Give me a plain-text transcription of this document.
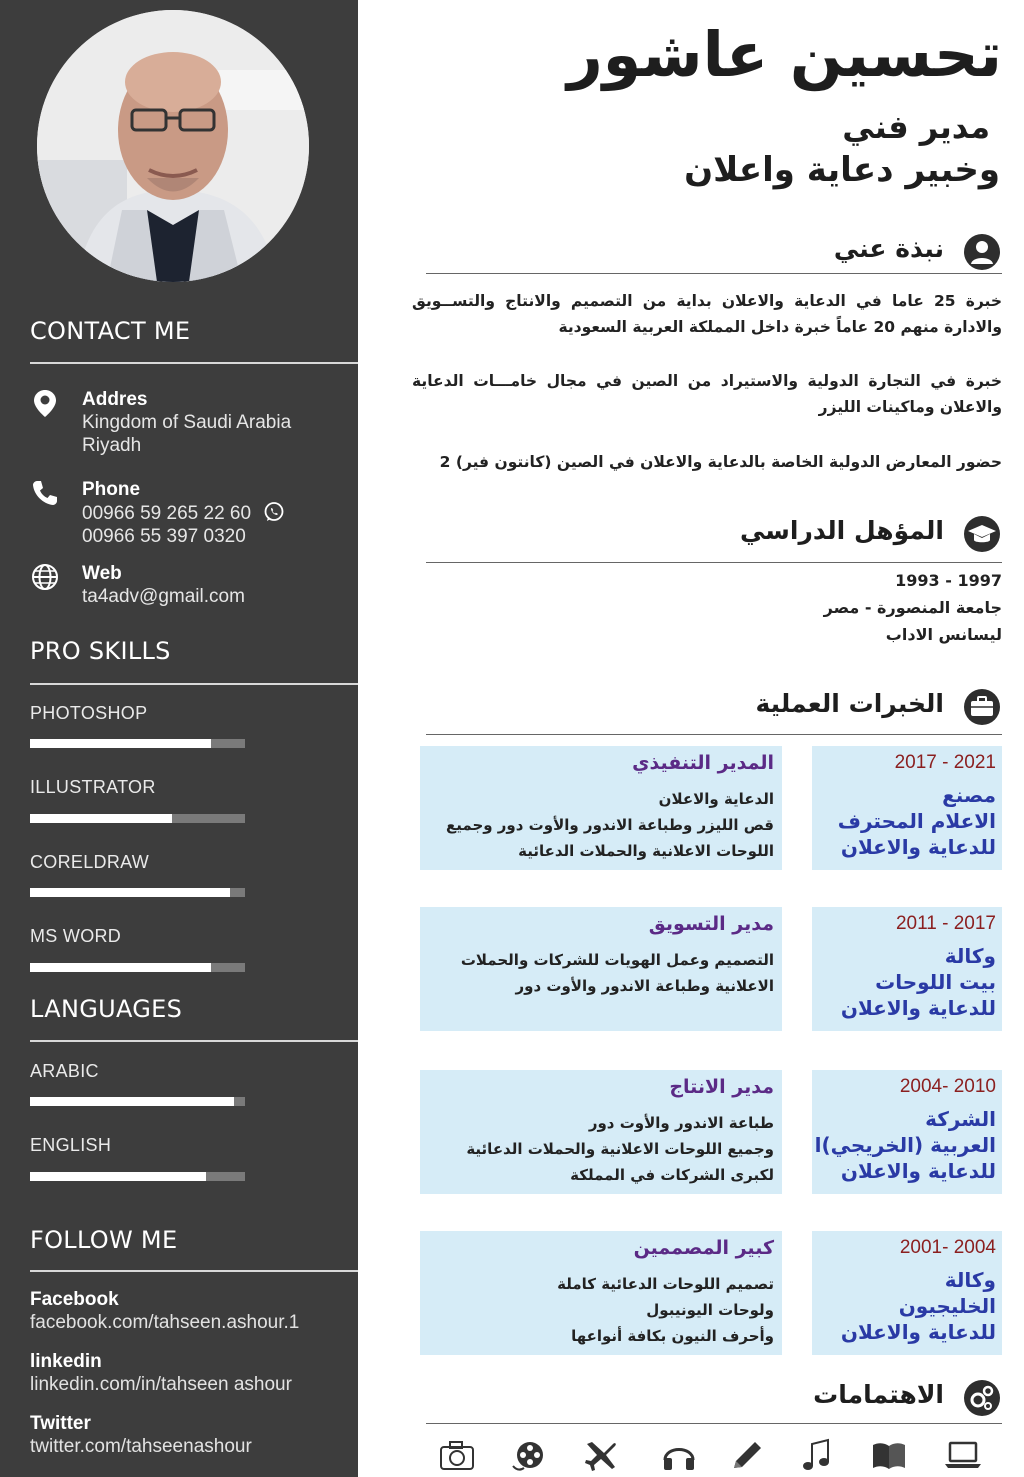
CONTACT ME
Addres
Kingdom of Saudi Arabia
Riyadh
Phone
00966 59 265 22 60
00966 55 397 0320
Web
ta4adv@gmail.com
PRO SKILLS
PHOTOSHOP
ILLUSTRATOR
CORELDRAW
MS WORD
LANGUAGES
ARABIC
ENGLISH
FOLLOW ME
Facebook
facebook.com/tahseen.ashour.1
linkedin
linkedin.com/in/tahseen ashour
Twitter
twitter.com/tahseenashour
تحسين عاشور
مدير فني
وخبير دعاية واعلان
نبذة عني

خبرة 25 عاما في الدعاية والاعلان بداية من التصميم والانتاج والتســويق والادارة منهم 20 عاماً خبرة داخل المملكة العربية السعودية

خبرة في التجارة الدولية والاستيراد من الصين في مجال خامـــات الدعاية والاعلان وماكينات الليزر

حضور المعارض الدولية الخاصة بالدعاية والاعلان في الصين (كانتون فير) 2

المؤهل الدراسي
1997 - 1993
جامعة المنصورة - مصر
ليسانس الاداب
الخبرات العملية
2017 - 2021
مصنع
الاعلام المحترف
للدعاية والاعلان
المدير التنفيذي
الدعاية والاعلان
قص الليزر وطباعة الاندور والأوت دور وجميع
اللوحات الاعلانية والحملات الدعائية
2011 - 2017
وكالة
بيت اللوحات
للدعاية والاعلان
مدير التسويق
التصميم وعمل الهويات للشركات والحملات
الاعلانية وطباعة الاندور والأوت دور
2004- 2010
الشركة
العربية (الخريجي)ا
للدعاية والاعلان
مدير الانتاج
طباعة الاندور والأوت دور
وجميع اللوحات الاعلانية والحملات الدعائية
لكبرى الشركات في المملكة
2001- 2004
وكالة
الخليجيون
للدعاية والاعلان
كبير المصممين
تصميم اللوحات الدعائية كاملة
ولوحات اليونيبول
وأحرف النيون بكافة أنواعها
الاهتمامات
